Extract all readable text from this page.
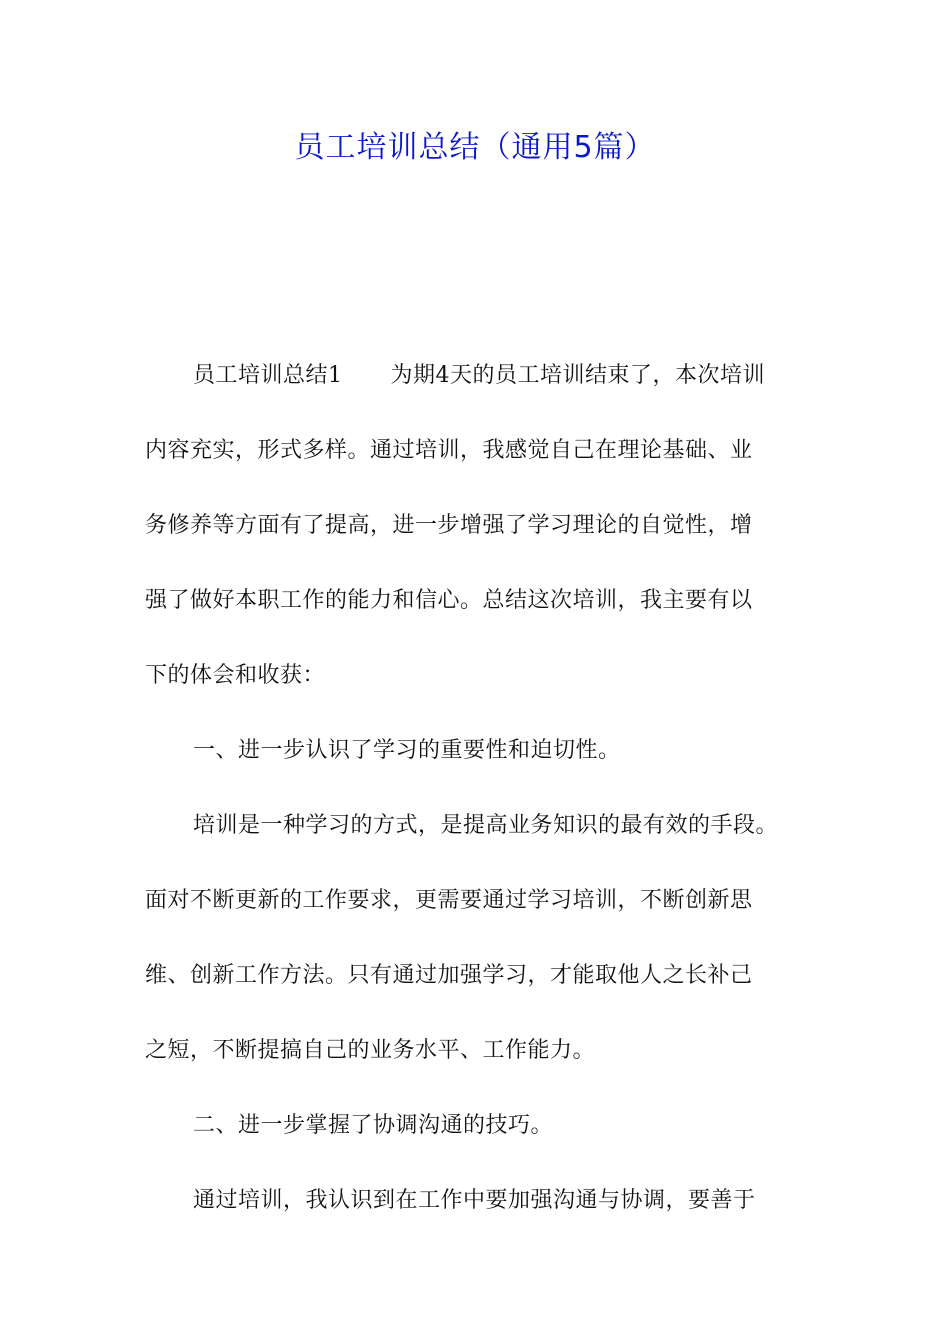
员工培训总结（通用5篇）
员工培训总结1 为期4天的员工培训结束了，本次培训
内容充实，形式多样。通过培训，我感觉自己在理论基础、业
务修养等方面有了提高，进一步增强了学习理论的自觉性，增
强了做好本职工作的能力和信心。总结这次培训，我主要有以
下的体会和收获：
一、进一步认识了学习的重要性和迫切性。
培训是一种学习的方式，是提高业务知识的最有效的手段。
面对不断更新的工作要求，更需要通过学习培训，不断创新思
维、创新工作方法。只有通过加强学习，才能取他人之长补己
之短，不断提搞自己的业务水平、工作能力。
二、进一步掌握了协调沟通的技巧。
通过培训，我认识到在工作中要加强沟通与协调，要善于
